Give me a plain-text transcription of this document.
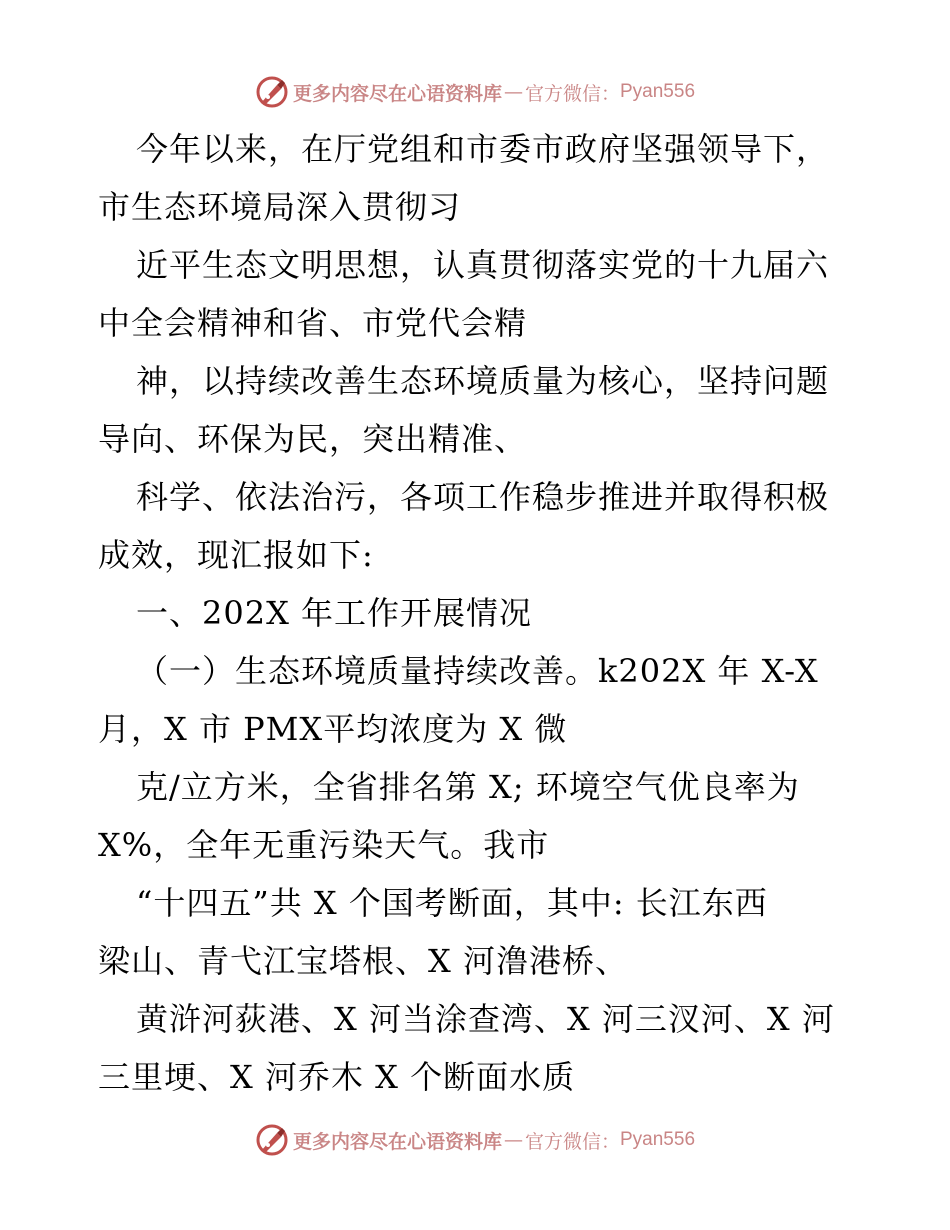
更多内容尽在心语资料库 — 官方微信： Pyan556
今年以来，在厅党组和市委市政府坚强领导下，
市生态环境局深入贯彻习
近平生态文明思想，认真贯彻落实党的十九届六
中全会精神和省、市党代会精
神，以持续改善生态环境质量为核心，坚持问题
导向、环保为民，突出精准、
科学、依法治污，各项工作稳步推进并取得积极
成效，现汇报如下:
一、202X 年工作开展情况
（一）生态环境质量持续改善。k202X 年 X-X
月，X 市 PMX平均浓度为 X 微
克/立方米，全省排名第 X; 环境空气优良率为
X%，全年无重污染天气。我市
“十四五”共 X 个国考断面，其中: 长江东西
梁山、青弋江宝塔根、X 河澛港桥、
黄浒河荻港、X 河当涂查湾、X 河三汊河、X 河
三里埂、X 河乔木 X 个断面水质
更多内容尽在心语资料库 — 官方微信： Pyan556
